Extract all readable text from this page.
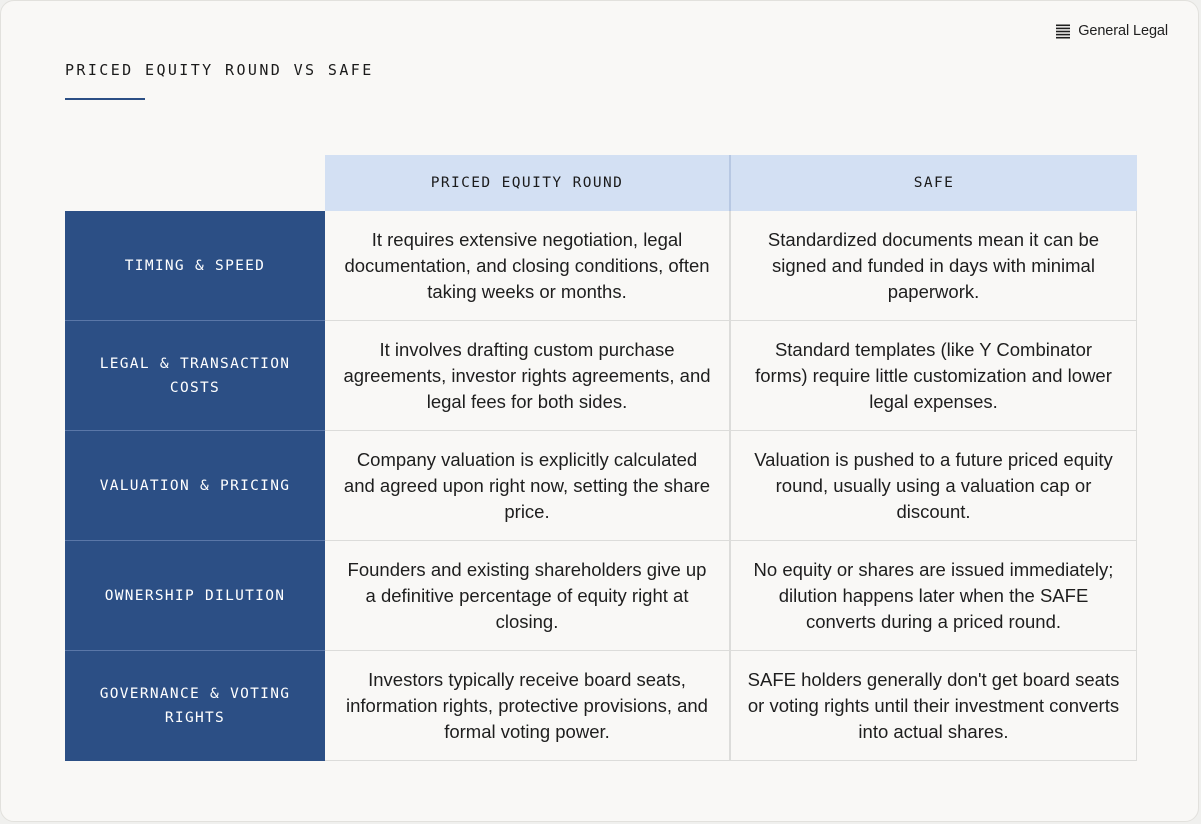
General Legal
PRICED EQUITY ROUND VS SAFE
PRICED EQUITY ROUND	SAFE
TIMING & SPEED
It requires extensive negotiation, legal documentation, and closing conditions, often taking weeks or months.
Standardized documents mean it can be signed and funded in days with minimal paperwork.
LEGAL & TRANSACTION COSTS
It involves drafting custom purchase agreements, investor rights agreements, and legal fees for both sides.
Standard templates (like Y Combinator forms) require little customization and lower legal expenses.
VALUATION & PRICING
Company valuation is explicitly calculated and agreed upon right now, setting the share price.
Valuation is pushed to a future priced equity round, usually using a valuation cap or discount.
OWNERSHIP DILUTION
Founders and existing shareholders give up a definitive percentage of equity right at closing.
No equity or shares are issued immediately; dilution happens later when the SAFE converts during a priced round.
GOVERNANCE & VOTING RIGHTS
Investors typically receive board seats, information rights, protective provisions, and formal voting power.
SAFE holders generally don't get board seats or voting rights until their investment converts into actual shares.
